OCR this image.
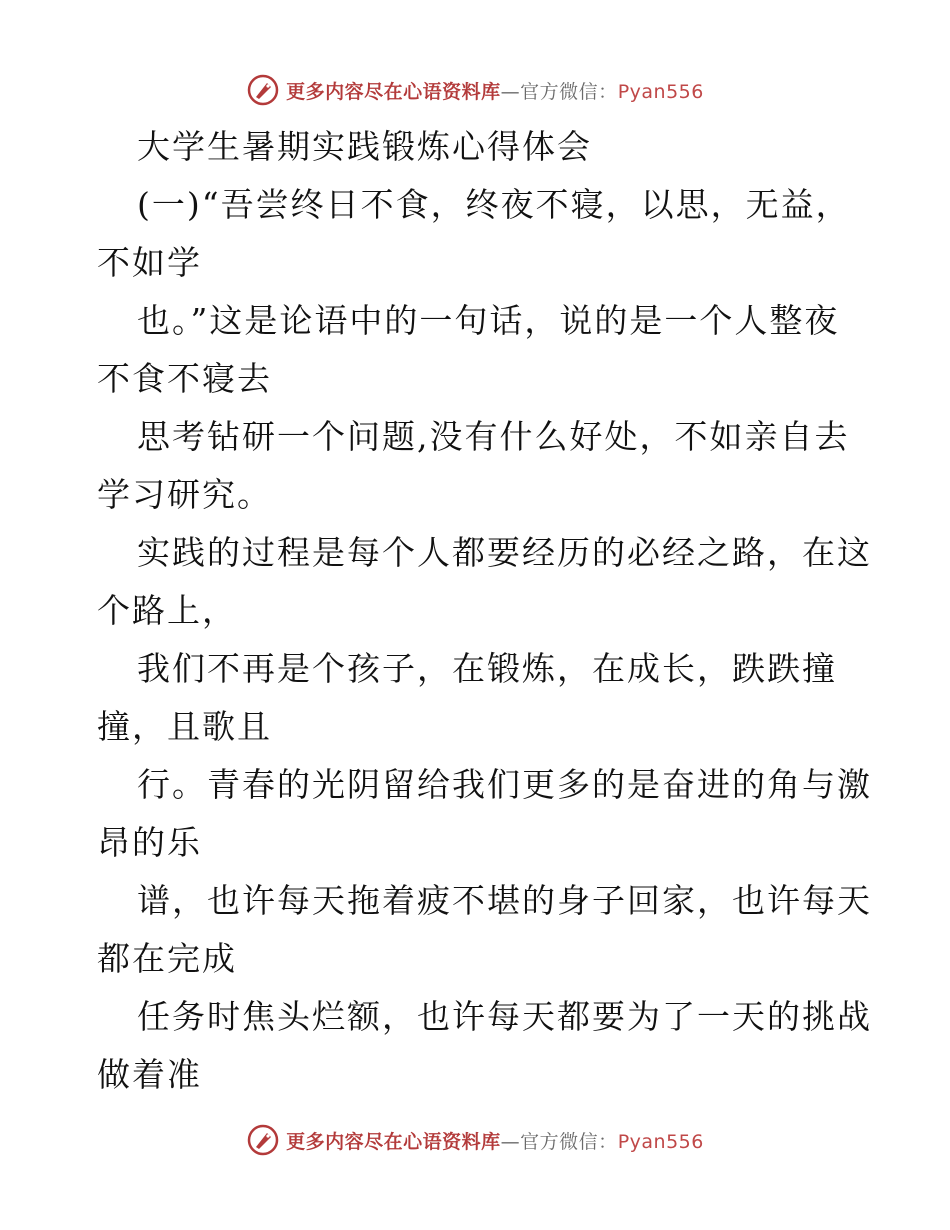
更多内容尽在心语资料库—官方微信：Pyan556
大学生暑期实践锻炼心得体会
(一)“吾尝终日不食，终夜不寝，以思，无益，
不如学
也。”这是论语中的一句话，说的是一个人整夜
不食不寝去
思考钻研一个问题,没有什么好处，不如亲自去
学习研究。
实践的过程是每个人都要经历的必经之路，在这
个路上，
我们不再是个孩子，在锻炼，在成长，跌跌撞
撞，且歌且
行。青春的光阴留给我们更多的是奋进的角与激
昂的乐
谱，也许每天拖着疲不堪的身子回家，也许每天
都在完成
任务时焦头烂额，也许每天都要为了一天的挑战
做着准
更多内容尽在心语资料库—官方微信：Pyan556
